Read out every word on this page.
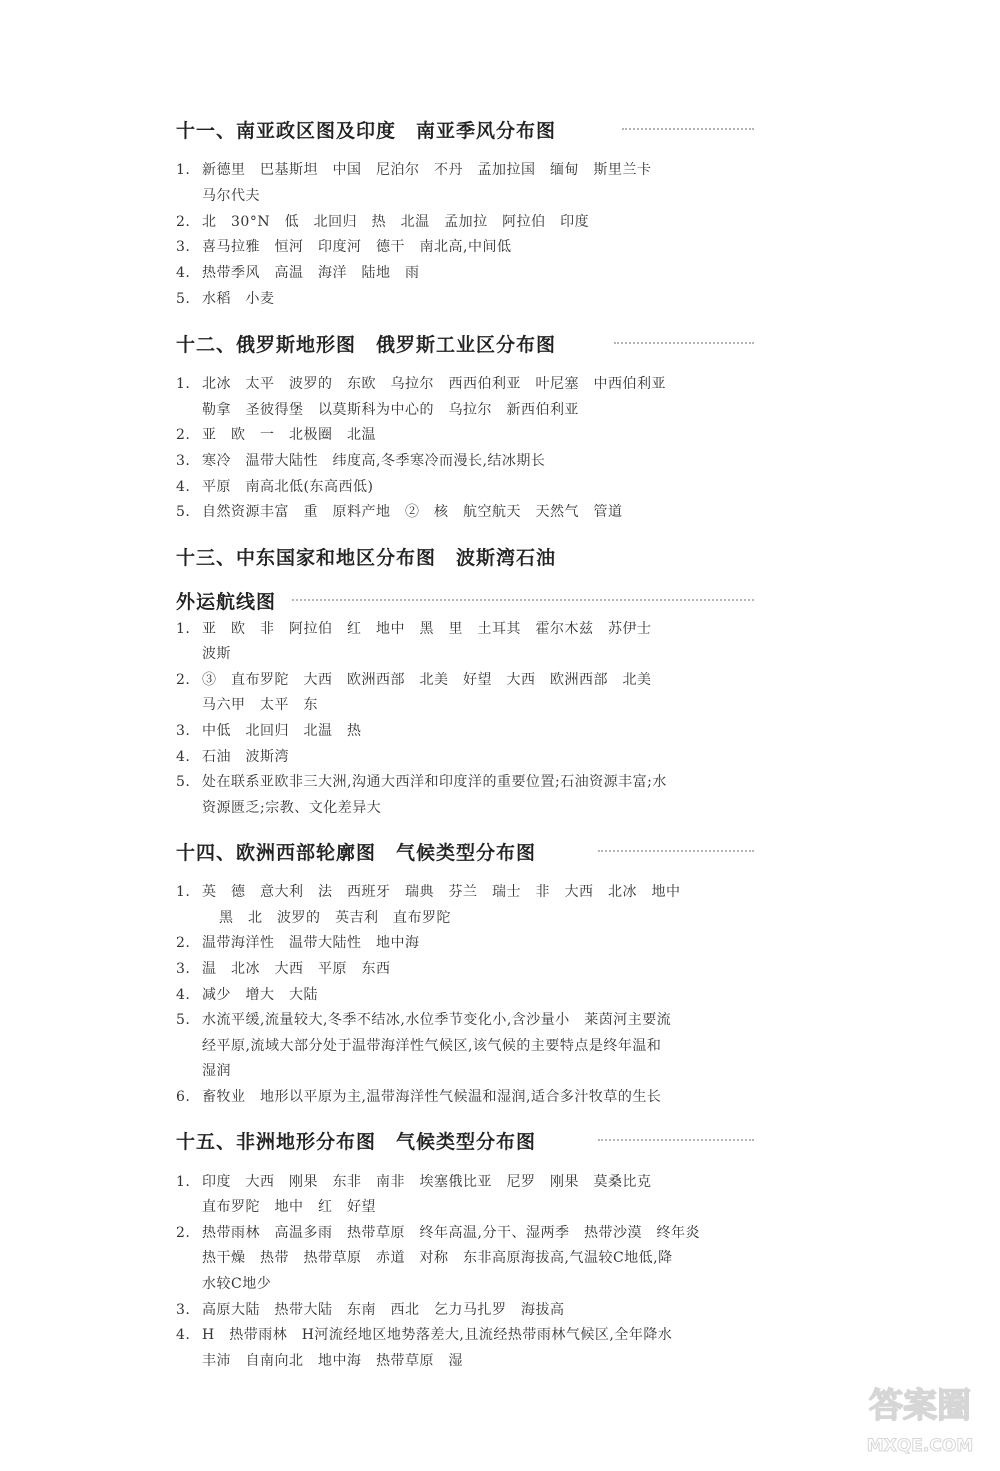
十一、南亚政区图及印度　南亚季风分布图
1. 新德里　巴基斯坦　中国　尼泊尔　不丹　孟加拉国　缅甸　斯里兰卡
马尔代夫
2. 北　30°N　低　北回归　热　北温　孟加拉　阿拉伯　印度
3. 喜马拉雅　恒河　印度河　德干　南北高,中间低
4. 热带季风　高温　海洋　陆地　雨
5. 水稻　小麦
十二、俄罗斯地形图　俄罗斯工业区分布图
1. 北冰　太平　波罗的　东欧　乌拉尔　西西伯利亚　叶尼塞　中西伯利亚
勒拿　圣彼得堡　以莫斯科为中心的　乌拉尔　新西伯利亚
2. 亚　欧　一　北极圈　北温
3. 寒冷　温带大陆性　纬度高,冬季寒冷而漫长,结冰期长
4. 平原　南高北低(东高西低)
5. 自然资源丰富　重　原料产地　②　核　航空航天　天然气　管道
十三、中东国家和地区分布图　波斯湾石油
外运航线图
1. 亚　欧　非　阿拉伯　红　地中　黑　里　土耳其　霍尔木兹　苏伊士
波斯
2. ③　直布罗陀　大西　欧洲西部　北美　好望　大西　欧洲西部　北美
马六甲　太平　东
3. 中低　北回归　北温　热
4. 石油　波斯湾
5. 处在联系亚欧非三大洲,沟通大西洋和印度洋的重要位置;石油资源丰富;水
资源匮乏;宗教、文化差异大
十四、欧洲西部轮廓图　气候类型分布图
1. 英　德　意大利　法　西班牙　瑞典　芬兰　瑞士　非　大西　北冰　地中
黑　北　波罗的　英吉利　直布罗陀
2. 温带海洋性　温带大陆性　地中海
3. 温　北冰　大西　平原　东西
4. 减少　增大　大陆
5. 水流平缓,流量较大,冬季不结冰,水位季节变化小,含沙量小　莱茵河主要流
经平原,流域大部分处于温带海洋性气候区,该气候的主要特点是终年温和
湿润
6. 畜牧业　地形以平原为主,温带海洋性气候温和湿润,适合多汁牧草的生长
十五、非洲地形分布图　气候类型分布图
1. 印度　大西　刚果　东非　南非　埃塞俄比亚　尼罗　刚果　莫桑比克
直布罗陀　地中　红　好望
2. 热带雨林　高温多雨　热带草原　终年高温,分干、湿两季　热带沙漠　终年炎
热干燥　热带　热带草原　赤道　对称　东非高原海拔高,气温较C地低,降
水较C地少
3. 高原大陆　热带大陆　东南　西北　乞力马扎罗　海拔高
4. H　热带雨林　H河流经地区地势落差大,且流经热带雨林气候区,全年降水
丰沛　自南向北　地中海　热带草原　湿
答案圈
MXQE.COM
